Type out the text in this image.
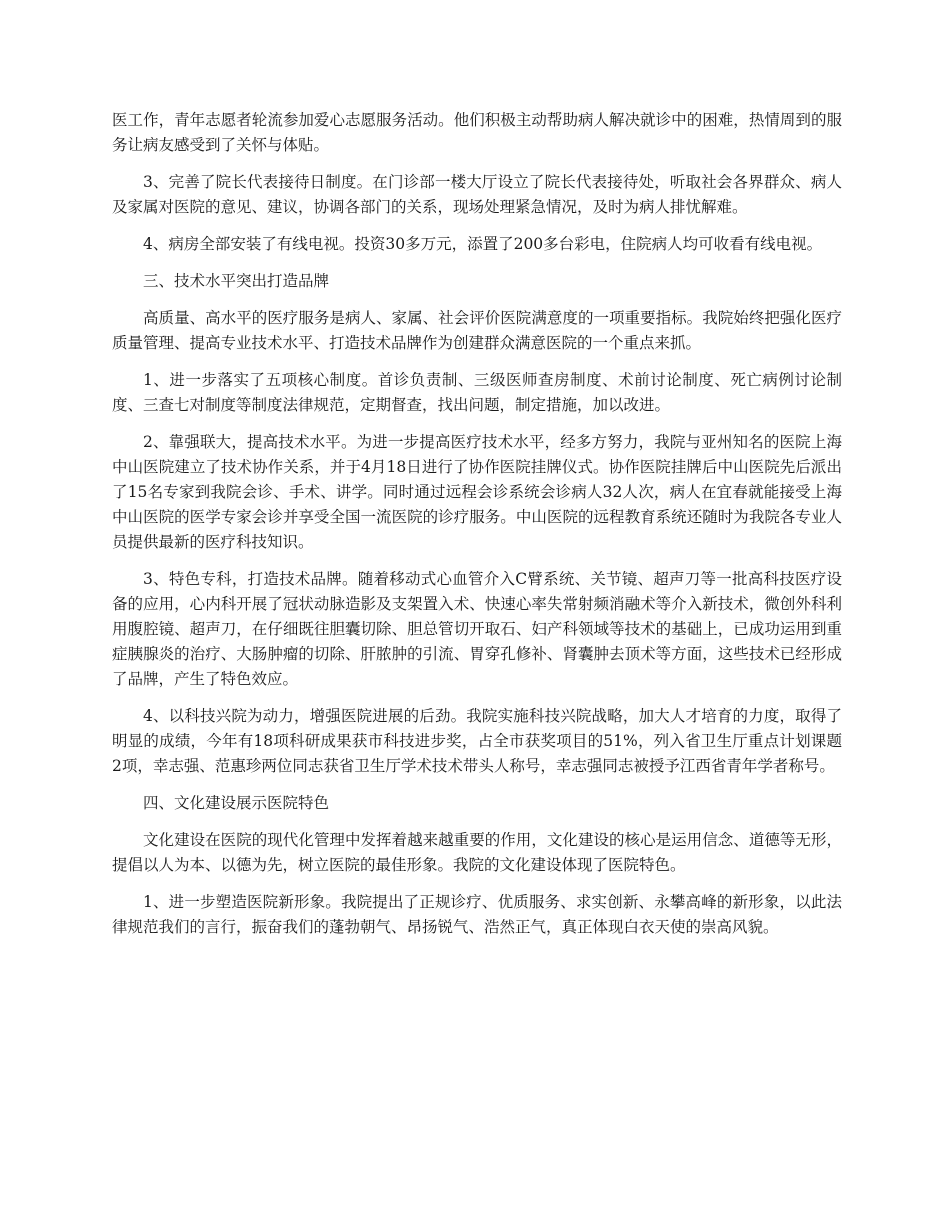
医工作，青年志愿者轮流参加爱心志愿服务活动。他们积极主动帮助病人解决就诊中的困难，热情周到的服务让病友感受到了关怀与体贴。

3、完善了院长代表接待日制度。在门诊部一楼大厅设立了院长代表接待处，听取社会各界群众、病人及家属对医院的意见、建议，协调各部门的关系，现场处理紧急情况，及时为病人排忧解难。

4、病房全部安装了有线电视。投资30多万元，添置了200多台彩电，住院病人均可收看有线电视。

三、技术水平突出打造品牌

高质量、高水平的医疗服务是病人、家属、社会评价医院满意度的一项重要指标。我院始终把强化医疗质量管理、提高专业技术水平、打造技术品牌作为创建群众满意医院的一个重点来抓。

1、进一步落实了五项核心制度。首诊负责制、三级医师查房制度、术前讨论制度、死亡病例讨论制度、三查七对制度等制度法律规范，定期督查，找出问题，制定措施，加以改进。

2、靠强联大，提高技术水平。为进一步提高医疗技术水平，经多方努力，我院与亚州知名的医院上海中山医院建立了技术协作关系，并于4月18日进行了协作医院挂牌仪式。协作医院挂牌后中山医院先后派出了15名专家到我院会诊、手术、讲学。同时通过远程会诊系统会诊病人32人次，病人在宜春就能接受上海中山医院的医学专家会诊并享受全国一流医院的诊疗服务。中山医院的远程教育系统还随时为我院各专业人员提供最新的医疗科技知识。

3、特色专科，打造技术品牌。随着移动式心血管介入C臂系统、关节镜、超声刀等一批高科技医疗设备的应用，心内科开展了冠状动脉造影及支架置入术、快速心率失常射频消融术等介入新技术，微创外科利用腹腔镜、超声刀，在仔细既往胆囊切除、胆总管切开取石、妇产科领域等技术的基础上，已成功运用到重症胰腺炎的治疗、大肠肿瘤的切除、肝脓肿的引流、胃穿孔修补、肾囊肿去顶术等方面，这些技术已经形成了品牌，产生了特色效应。

4、以科技兴院为动力，增强医院进展的后劲。我院实施科技兴院战略，加大人才培育的力度，取得了明显的成绩，今年有18项科研成果获市科技进步奖，占全市获奖项目的51%，列入省卫生厅重点计划课题2项，幸志强、范惠珍两位同志获省卫生厅学术技术带头人称号，幸志强同志被授予江西省青年学者称号。

四、文化建设展示医院特色

文化建设在医院的现代化管理中发挥着越来越重要的作用，文化建设的核心是运用信念、道德等无形，提倡以人为本、以德为先，树立医院的最佳形象。我院的文化建设体现了医院特色。

1、进一步塑造医院新形象。我院提出了正规诊疗、优质服务、求实创新、永攀高峰的新形象，以此法律规范我们的言行，振奋我们的蓬勃朝气、昂扬锐气、浩然正气，真正体现白衣天使的崇高风貌。
